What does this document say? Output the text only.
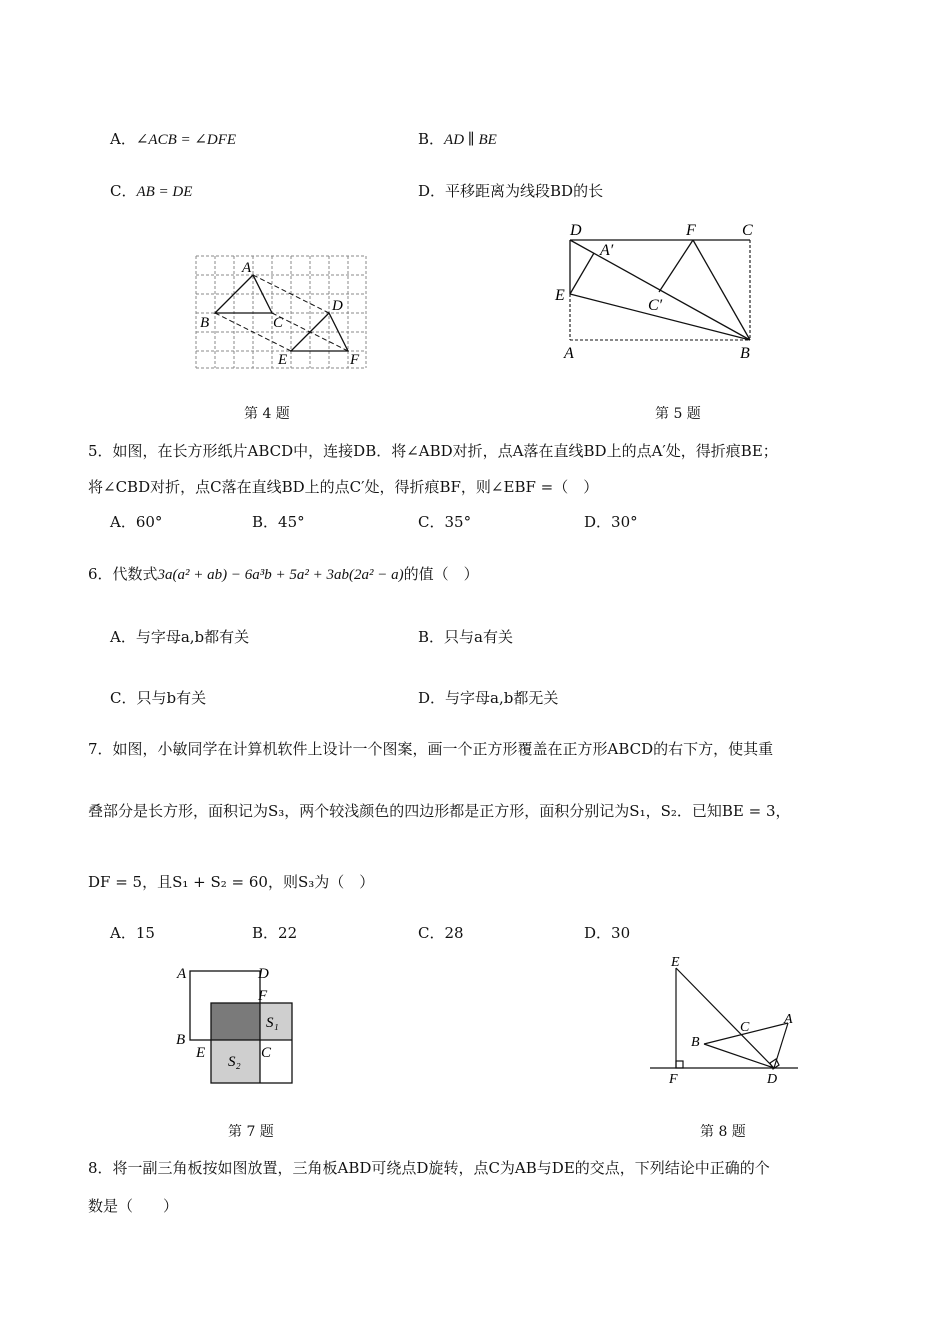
A．∠ACB = ∠DFE	B．AD ∥ BE
C．AB = DE	D．平移距离为线段BD的长
A
B	C
D
E	F
第 4 题
D	F	C
A′
E
C′
A	B
第 5 题
5．如图，在长方形纸片ABCD中，连接DB．将∠ABD对折，点A落在直线BD上的点A′处，得折痕BE；
将∠CBD对折，点C落在直线BD上的点C′处，得折痕BF，则∠EBF =（　）
A．60°	B．45°	C．35°	D．30°
6．代数式3a(a² + ab) − 6a³b + 5a² + 3ab(2a² − a)的值（　）
A．与字母a,b都有关	B．只与a有关
C．只与b有关	D．与字母a,b都无关
7．如图，小敏同学在计算机软件上设计一个图案，画一个正方形覆盖在正方形ABCD的右下方，使其重
叠部分是长方形，面积记为S₃，两个较浅颜色的四边形都是正方形，面积分别记为S₁，S₂．已知BE = 3，
DF = 5，且S₁ + S₂ = 60，则S₃为（　）
A．15	B．22	C．28	D．30
A	D
F
B
E	C
S₁
S₂
第 7 题
E
A
C
B
F	D
第 8 题
8．将一副三角板按如图放置，三角板ABD可绕点D旋转，点C为AB与DE的交点，下列结论中正确的个
数是（　　）
